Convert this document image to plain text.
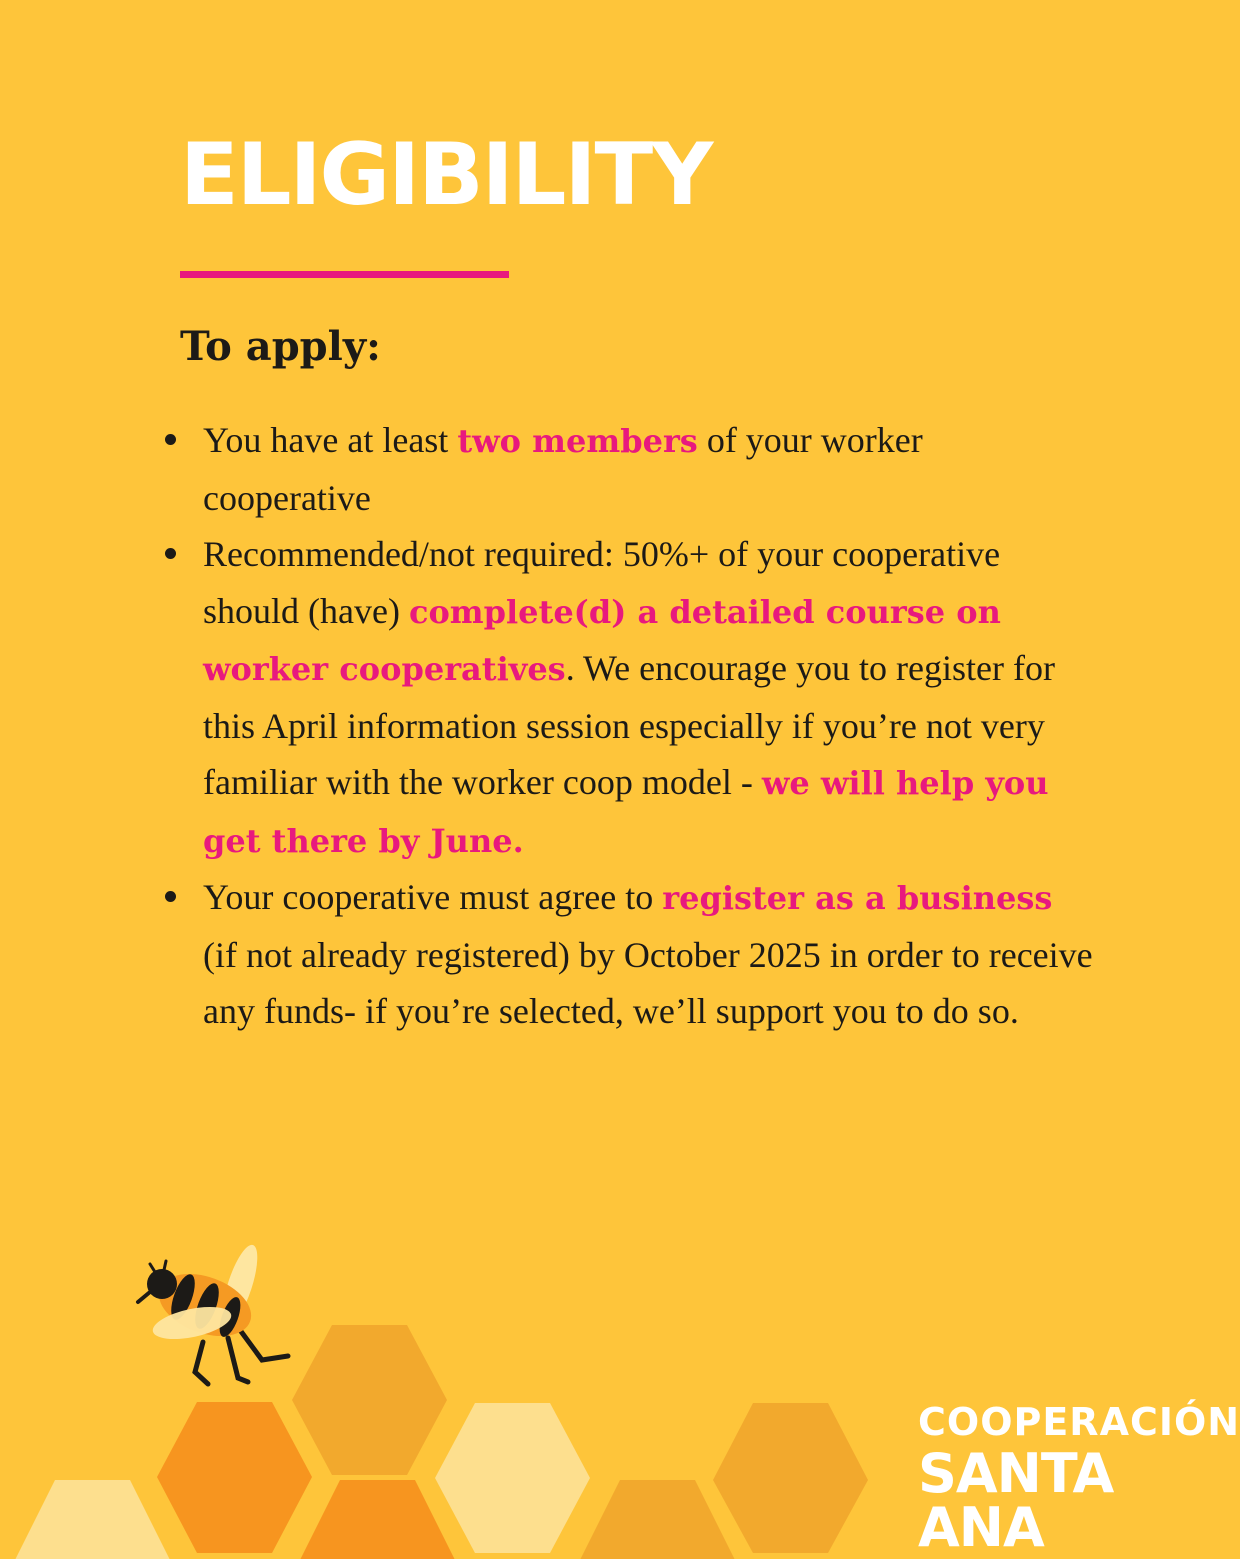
ELIGIBILITY
To apply:
You have at least two members of your worker cooperative
Recommended/not required: 50%+ of your cooperative should (have) complete(d) a detailed course on worker cooperatives. We encourage you to register for this April information session especially if you’re not very familiar with the worker coop model - we will help you get there by June.
Your cooperative must agree to register as a business (if not already registered) by October 2025 in order to receive any funds- if you’re selected, we’ll support you to do so.
COOPERACIÓN
SANTA ANA
